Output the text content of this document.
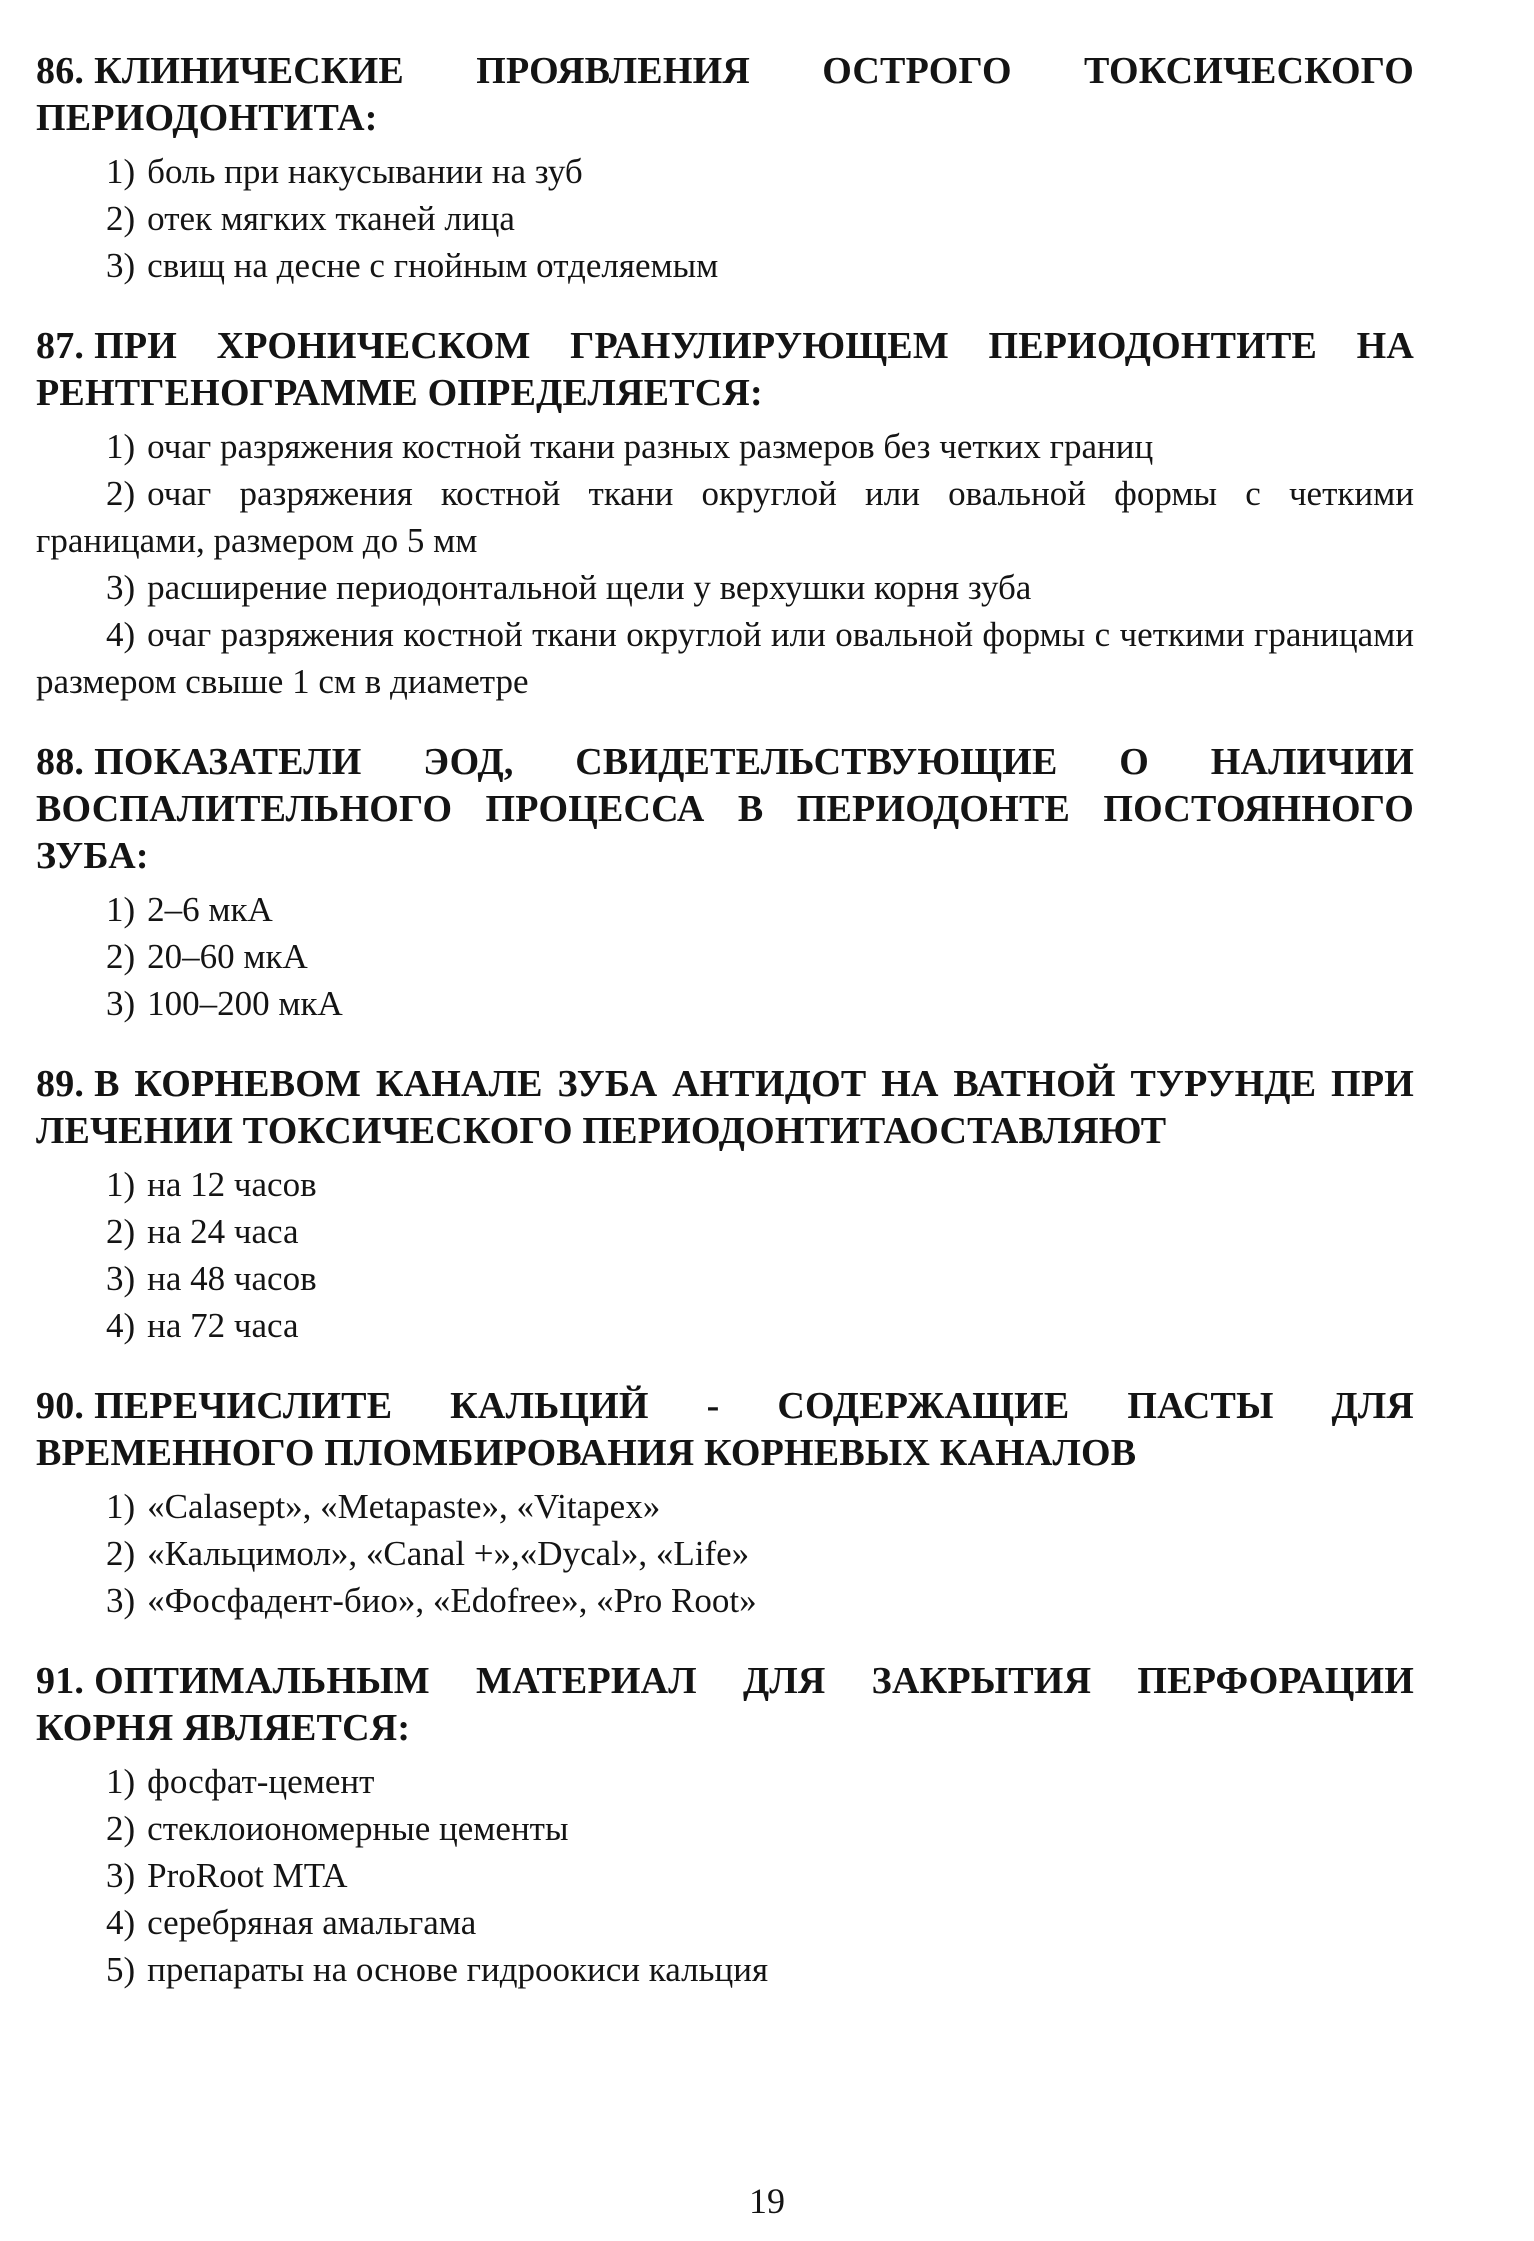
86. КЛИНИЧЕСКИЕ ПРОЯВЛЕНИЯ ОСТРОГО ТОКСИЧЕСКОГО ПЕРИОДОНТИТА:
1) боль при накусывании на зуб
2) отек мягких тканей лица
3) свищ на десне с гнойным отделяемым
87. ПРИ ХРОНИЧЕСКОМ ГРАНУЛИРУЮЩЕМ ПЕРИОДОНТИТЕ НА РЕНТГЕНОГРАММЕ ОПРЕДЕЛЯЕТСЯ:
1) очаг разряжения костной ткани разных размеров без четких границ
2) очаг разряжения костной ткани округлой или овальной формы с четкими границами, размером до 5 мм
3) расширение периодонтальной щели у верхушки корня зуба
4) очаг разряжения костной ткани округлой или овальной формы с четкими границами размером свыше 1 см в диаметре
88. ПОКАЗАТЕЛИ ЭОД, СВИДЕТЕЛЬСТВУЮЩИЕ О НАЛИЧИИ ВОСПАЛИТЕЛЬНОГО ПРОЦЕССА В ПЕРИОДОНТЕ ПОСТОЯННОГО ЗУБА:
1) 2–6 мкА
2) 20–60 мкА
3) 100–200 мкА
89. В КОРНЕВОМ КАНАЛЕ ЗУБА АНТИДОТ НА ВАТНОЙ ТУРУНДЕ ПРИ ЛЕЧЕНИИ ТОКСИЧЕСКОГО ПЕРИОДОНТИТАОСТАВЛЯЮТ
1) на 12 часов
2) на 24 часа
3) на 48 часов
4) на 72 часа
90. ПЕРЕЧИСЛИТЕ КАЛЬЦИЙ - СОДЕРЖАЩИЕ ПАСТЫ ДЛЯ ВРЕМЕННОГО ПЛОМБИРОВАНИЯ КОРНЕВЫХ КАНАЛОВ
1) «Calasept», «Metapaste», «Vitapex»
2) «Кальцимол», «Canal +»,«Dycal», «Life»
3) «Фосфадент-био», «Edofree», «Pro Root»
91. ОПТИМАЛЬНЫМ МАТЕРИАЛ ДЛЯ ЗАКРЫТИЯ ПЕРФОРАЦИИ КОРНЯ ЯВЛЯЕТСЯ:
1) фосфат-цемент
2) стеклоиономерные цементы
3) ProRoot MTA
4) серебряная амальгама
5) препараты на основе гидроокиси кальция
19
